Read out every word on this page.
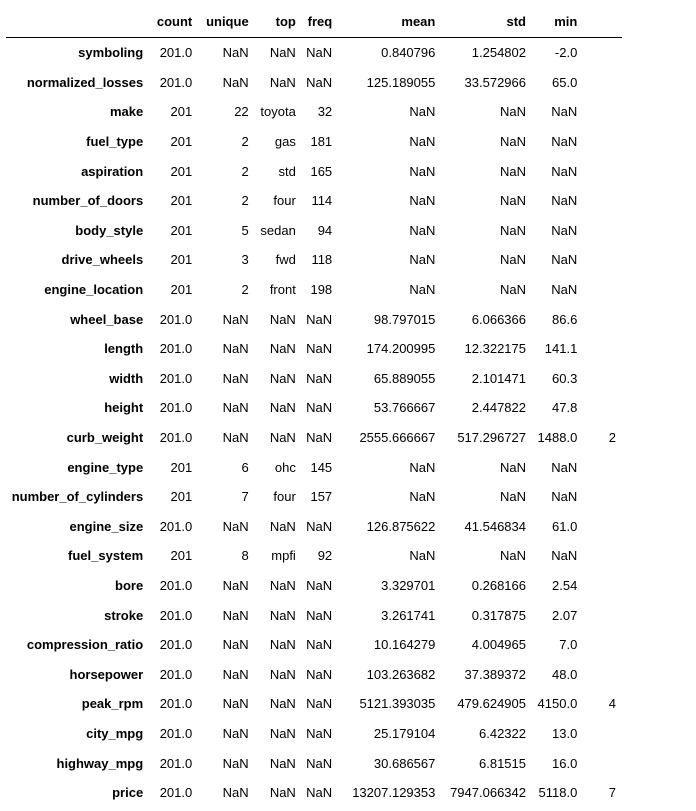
	count	unique	top	freq	mean	std	min	
symboling	201.0	NaN	NaN	NaN	0.840796	1.254802	-2.0	
normalized_losses	201.0	NaN	NaN	NaN	125.189055	33.572966	65.0	
make	201	22	toyota	32	NaN	NaN	NaN	
fuel_type	201	2	gas	181	NaN	NaN	NaN	
aspiration	201	2	std	165	NaN	NaN	NaN	
number_of_doors	201	2	four	114	NaN	NaN	NaN	
body_style	201	5	sedan	94	NaN	NaN	NaN	
drive_wheels	201	3	fwd	118	NaN	NaN	NaN	
engine_location	201	2	front	198	NaN	NaN	NaN	
wheel_base	201.0	NaN	NaN	NaN	98.797015	6.066366	86.6	
length	201.0	NaN	NaN	NaN	174.200995	12.322175	141.1	
width	201.0	NaN	NaN	NaN	65.889055	2.101471	60.3	
height	201.0	NaN	NaN	NaN	53.766667	2.447822	47.8	
curb_weight	201.0	NaN	NaN	NaN	2555.666667	517.296727	1488.0	2
engine_type	201	6	ohc	145	NaN	NaN	NaN	
number_of_cylinders	201	7	four	157	NaN	NaN	NaN	
engine_size	201.0	NaN	NaN	NaN	126.875622	41.546834	61.0	
fuel_system	201	8	mpfi	92	NaN	NaN	NaN	
bore	201.0	NaN	NaN	NaN	3.329701	0.268166	2.54	
stroke	201.0	NaN	NaN	NaN	3.261741	0.317875	2.07	
compression_ratio	201.0	NaN	NaN	NaN	10.164279	4.004965	7.0	
horsepower	201.0	NaN	NaN	NaN	103.263682	37.389372	48.0	
peak_rpm	201.0	NaN	NaN	NaN	5121.393035	479.624905	4150.0	4
city_mpg	201.0	NaN	NaN	NaN	25.179104	6.42322	13.0	
highway_mpg	201.0	NaN	NaN	NaN	30.686567	6.81515	16.0	
price	201.0	NaN	NaN	NaN	13207.129353	7947.066342	5118.0	7
